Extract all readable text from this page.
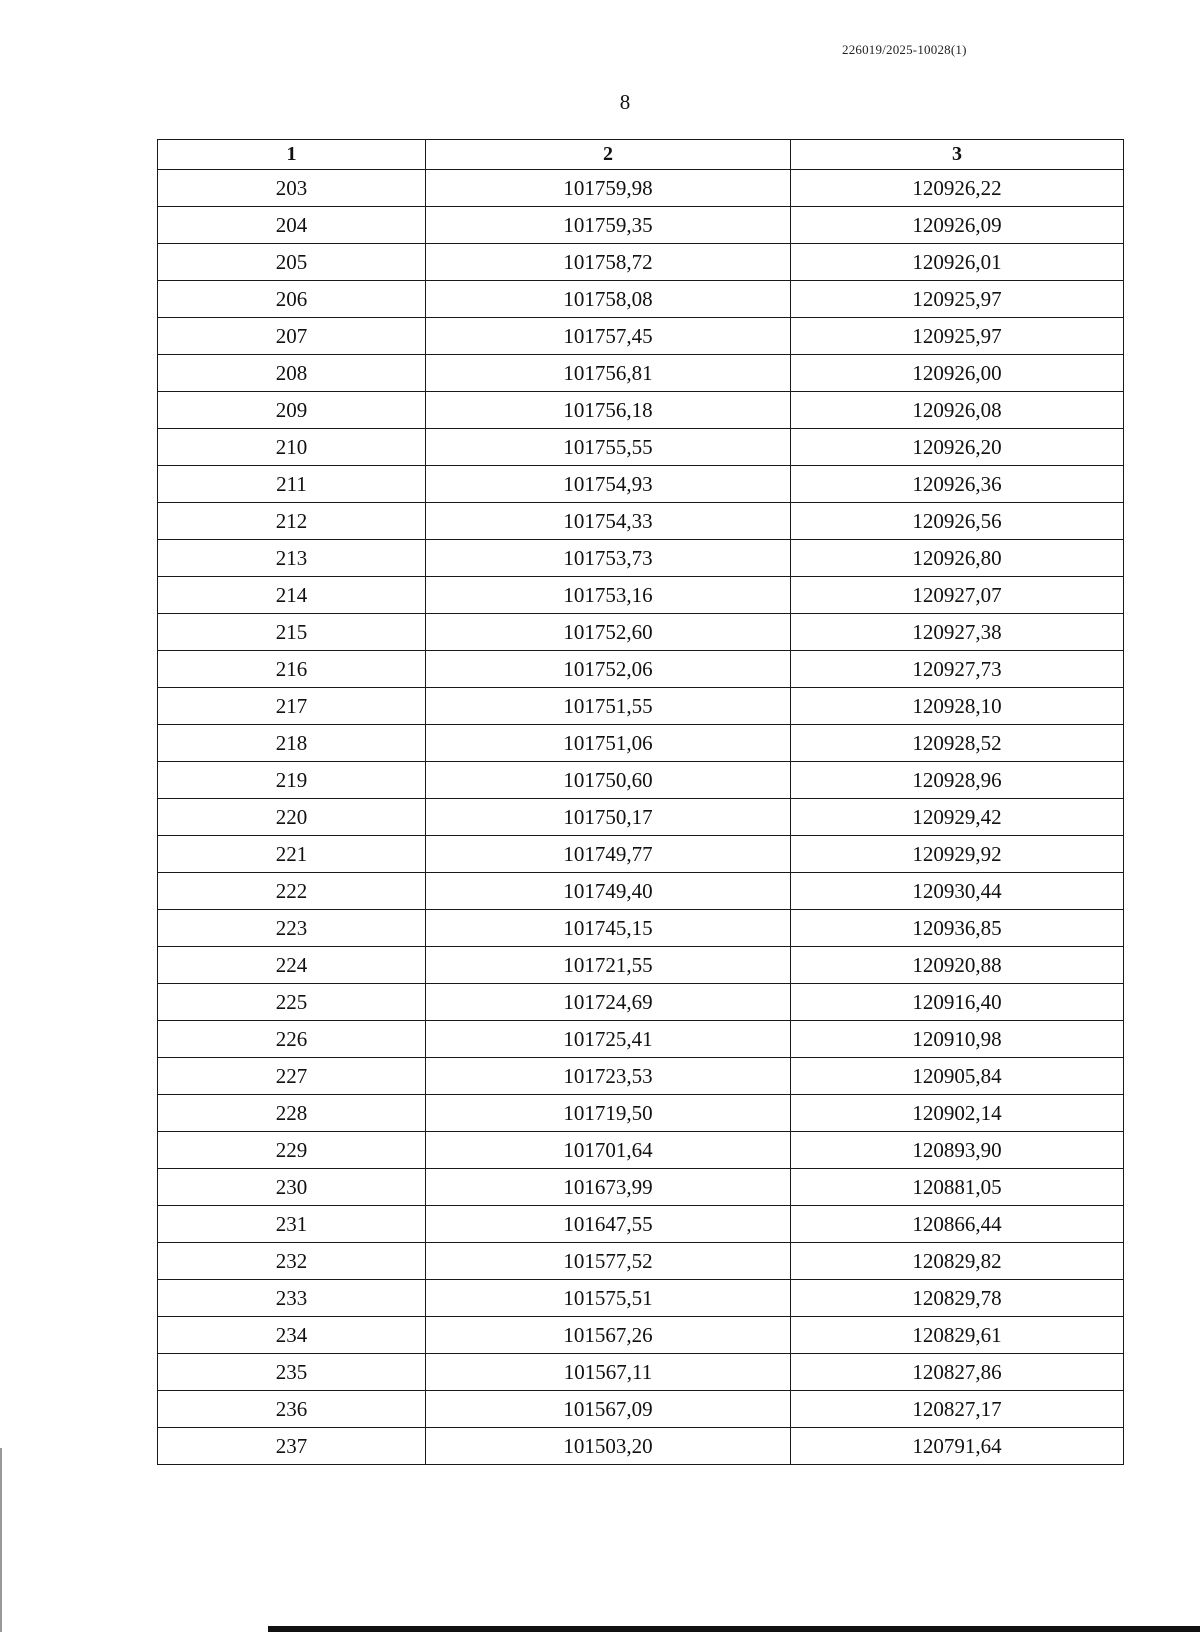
226019/2025-10028(1)
8
1	2	3
203	101759,98	120926,22
204	101759,35	120926,09
205	101758,72	120926,01
206	101758,08	120925,97
207	101757,45	120925,97
208	101756,81	120926,00
209	101756,18	120926,08
210	101755,55	120926,20
211	101754,93	120926,36
212	101754,33	120926,56
213	101753,73	120926,80
214	101753,16	120927,07
215	101752,60	120927,38
216	101752,06	120927,73
217	101751,55	120928,10
218	101751,06	120928,52
219	101750,60	120928,96
220	101750,17	120929,42
221	101749,77	120929,92
222	101749,40	120930,44
223	101745,15	120936,85
224	101721,55	120920,88
225	101724,69	120916,40
226	101725,41	120910,98
227	101723,53	120905,84
228	101719,50	120902,14
229	101701,64	120893,90
230	101673,99	120881,05
231	101647,55	120866,44
232	101577,52	120829,82
233	101575,51	120829,78
234	101567,26	120829,61
235	101567,11	120827,86
236	101567,09	120827,17
237	101503,20	120791,64
